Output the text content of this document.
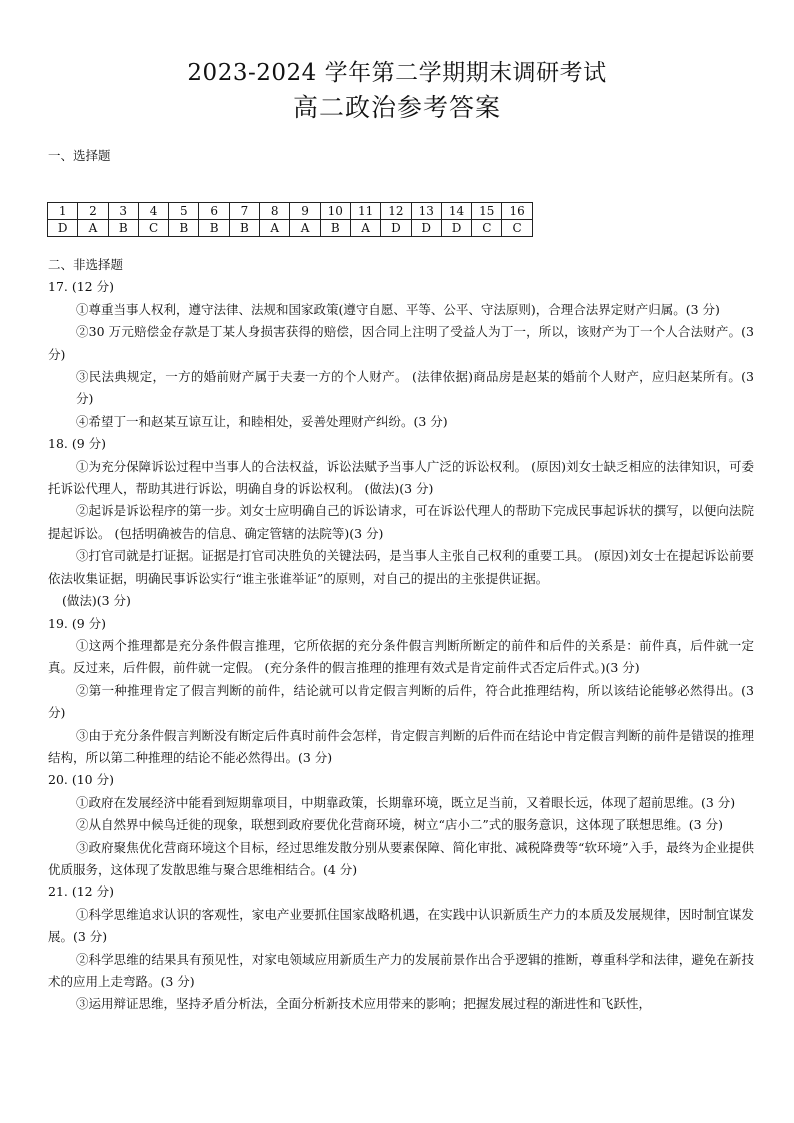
2023-2024 学年第二学期期末调研考试
高二政治参考答案
一、选择题
1	2	3	4	5	6	7	8	9	10	11	12	13	14	15	16
D	A	B	C	B	B	B	A	A	B	A	D	D	D	C	C

二、非选择题

17. (12 分)

①尊重当事人权利，遵守法律、法规和国家政策(遵守自愿、平等、公平、守法原则)，合理合法界定财产归属。(3 分)

②30 万元赔偿金存款是丁某人身损害获得的赔偿，因合同上注明了受益人为丁一，所以，该财产为丁一个人合法财产。(3 分)

③民法典规定，一方的婚前财产属于夫妻一方的个人财产。 (法律依据)商品房是赵某的婚前个人财产，应归赵某所有。(3 分)

④希望丁一和赵某互谅互让，和睦相处，妥善处理财产纠纷。(3 分)

18. (9 分)

①为充分保障诉讼过程中当事人的合法权益，诉讼法赋予当事人广泛的诉讼权利。 (原因)刘女士缺乏相应的法律知识，可委托诉讼代理人，帮助其进行诉讼，明确自身的诉讼权利。 (做法)(3 分)

②起诉是诉讼程序的第一步。刘女士应明确自己的诉讼请求，可在诉讼代理人的帮助下完成民事起诉状的撰写，以便向法院提起诉讼。 (包括明确被告的信息、确定管辖的法院等)(3 分)

③打官司就是打证据。证据是打官司决胜负的关键法码，是当事人主张自己权利的重要工具。 (原因)刘女士在提起诉讼前要依法收集证据，明确民事诉讼实行“谁主张谁举证”的原则，对自己的提出的主张提供证据。

(做法)(3 分)

19. (9 分)

①这两个推理都是充分条件假言推理，它所依据的充分条件假言判断所断定的前件和后件的关系是：前件真，后件就一定真。反过来，后件假，前件就一定假。 (充分条件的假言推理的推理有效式是肯定前件式否定后件式。)(3 分)

②第一种推理肯定了假言判断的前件，结论就可以肯定假言判断的后件，符合此推理结构，所以该结论能够必然得出。(3 分)

③由于充分条件假言判断没有断定后件真时前件会怎样，肯定假言判断的后件而在结论中肯定假言判断的前件是错误的推理结构，所以第二种推理的结论不能必然得出。(3 分)

20. (10 分)

①政府在发展经济中能看到短期靠项目，中期靠政策，长期靠环境，既立足当前，又着眼长远，体现了超前思维。(3 分)

②从自然界中候鸟迁徙的现象，联想到政府要优化营商环境，树立“店小二”式的服务意识，这体现了联想思维。(3 分)

③政府聚焦优化营商环境这个目标，经过思维发散分别从要素保障、简化审批、减税降费等“软环境”入手，最终为企业提供优质服务，这体现了发散思维与聚合思维相结合。(4 分)

21. (12 分)

①科学思维追求认识的客观性，家电产业要抓住国家战略机遇，在实践中认识新质生产力的本质及发展规律，因时制宜谋发展。(3 分)

②科学思维的结果具有预见性，对家电领域应用新质生产力的发展前景作出合乎逻辑的推断，尊重科学和法律，避免在新技术的应用上走弯路。(3 分)

③运用辩证思维，坚持矛盾分析法，全面分析新技术应用带来的影响；把握发展过程的渐进性和飞跃性，
